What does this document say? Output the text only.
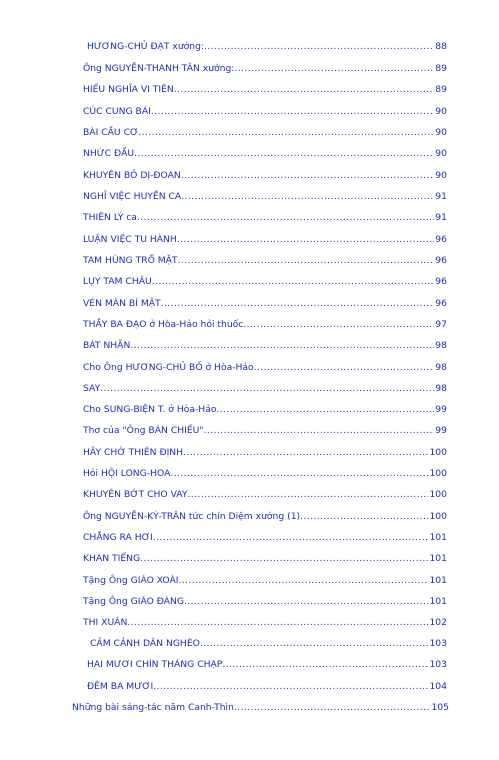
HƯƠNG-CHỦ ĐẠT xướng: .....	88
Ông NGUYỄN-THANH TÂN xướng: .....	89
HIẾU NGHĨA VI TIÊN .....	89
CÚC CUNG BÁI .....	90
BÀI CẦU CƠ .....	90
NHỨC ĐẦU .....	90
KHUYÊN BỎ DỊ-ĐOAN .....	90
NGHĨ VIỆC HUYỀN CA .....	91
THIÊN LÝ ca .....	91
LUẬN VIỆC TU HÀNH .....	96
TAM HÙNG TRỔ MẶT .....	96
LỤY TAM CHÂU .....	96
VÉN MÀN BÍ MẬT .....	96
THẦY BA ĐẠO ở Hòa-Hảo hỏi thuốc .....	97
BÁT NHÃN .....	98
Cho Ông HƯƠNG-CHỦ BỐ ở Hòa-Hảo .....	98
SAY .....	98
Cho SUNG-BIỆN T. ở Hòa-Hảo .....	99
Thơ của "Ông BÁN CHIẾU" .....	99
HÃY CHỜ THIÊN ĐỊNH .....	100
Hỏi HỘI LONG-HOA .....	100
KHUYÊN BỚT CHO VAY .....	100
Ông NGUYỄN-KỲ-TRÂN tức chín Diệm xướng (1) .....	100
CHẲNG RA HƠI .....	101
KHAN TIẾNG .....	101
Tặng Ông GIÁO XOÀI .....	101
Tặng Ông GIÁO ĐÀNG .....	101
THI XUÂN .....	102
CẢM CẢNH DÂN NGHÈO .....	103
HAI MƯƠI CHÍN THÁNG CHẠP .....	103
ĐÊM BA MƯƠI .....	104
Những bài sáng-tác năm Canh-Thìn .....	105
